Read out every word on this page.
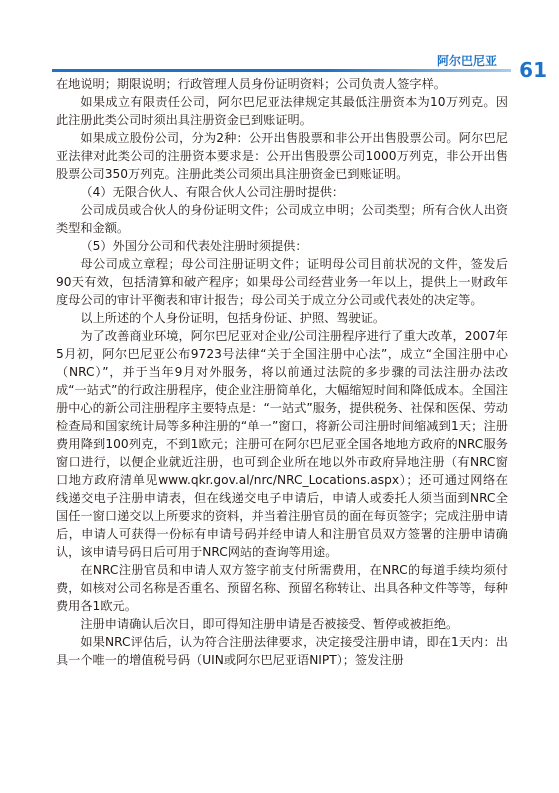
阿尔巴尼亚 61

在地说明；期限说明；行政管理人员身份证明资料；公司负责人签字样。

如果成立有限责任公司，阿尔巴尼亚法律规定其最低注册资本为10万列克。因此注册此类公司时须出具注册资金已到账证明。

如果成立股份公司，分为2种：公开出售股票和非公开出售股票公司。阿尔巴尼亚法律对此类公司的注册资本要求是：公开出售股票公司1000万列克，非公开出售股票公司350万列克。注册此类公司须出具注册资金已到账证明。

（4）无限合伙人、有限合伙人公司注册时提供：

公司成员或合伙人的身份证明文件；公司成立申明；公司类型；所有合伙人出资类型和金额。

（5）外国分公司和代表处注册时须提供：

母公司成立章程；母公司注册证明文件；证明母公司目前状况的文件，签发后90天有效，包括清算和破产程序；如果母公司经营业务一年以上，提供上一财政年度母公司的审计平衡表和审计报告；母公司关于成立分公司或代表处的决定等。

以上所述的个人身份证明，包括身份证、护照、驾驶证。

为了改善商业环境，阿尔巴尼亚对企业/公司注册程序进行了重大改革，2007年5月初，阿尔巴尼亚公布9723号法律“关于全国注册中心法”，成立“全国注册中心（NRC）”，并于当年9月对外服务，将以前通过法院的多步骤的司法注册办法改成“一站式”的行政注册程序，使企业注册简单化，大幅缩短时间和降低成本。全国注册中心的新公司注册程序主要特点是：“一站式”服务，提供税务、社保和医保、劳动检查局和国家统计局等多种注册的“单一”窗口，将新公司注册时间缩减到1天；注册费用降到100列克，不到1欧元；注册可在阿尔巴尼亚全国各地地方政府的NRC服务窗口进行，以便企业就近注册，也可到企业所在地以外市政府异地注册（有NRC窗口地方政府清单见www.qkr.gov.al/nrc/NRC_Locations.aspx）；还可通过网络在线递交电子注册申请表，但在线递交电子申请后，申请人或委托人须当面到NRC全国任一窗口递交以上所要求的资料，并当着注册官员的面在每页签字；完成注册申请后，申请人可获得一份标有申请号码并经申请人和注册官员双方签署的注册申请确认，该申请号码日后可用于NRC网站的查询等用途。

在NRC注册官员和申请人双方签字前支付所需费用，在NRC的每道手续均须付费，如核对公司名称是否重名、预留名称、预留名称转让、出具各种文件等等，每种费用各1欧元。

注册申请确认后次日，即可得知注册申请是否被接受、暂停或被拒绝。

如果NRC评估后，认为符合注册法律要求，决定接受注册申请，即在1天内：出具一个唯一的增值税号码（UIN或阿尔巴尼亚语NIPT）；签发注册
